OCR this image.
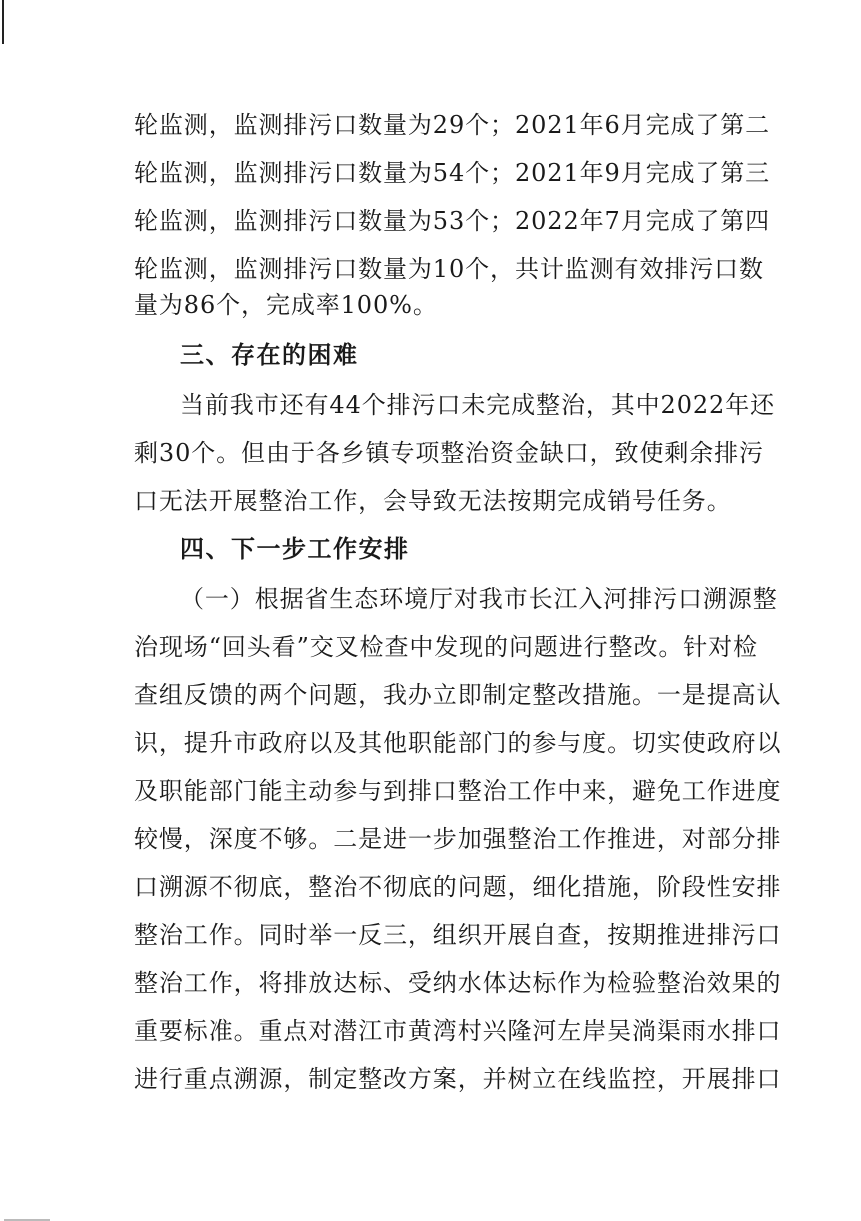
轮监测，监测排污口数量为29个；2021年6月完成了第二
轮监测，监测排污口数量为54个；2021年9月完成了第三
轮监测，监测排污口数量为53个；2022年7月完成了第四
轮监测，监测排污口数量为10个，共计监测有效排污口数
量为86个，完成率100%。
三、存在的困难
当前我市还有44个排污口未完成整治，其中2022年还
剩30个。但由于各乡镇专项整治资金缺口，致使剩余排污
口无法开展整治工作，会导致无法按期完成销号任务。
四、下一步工作安排
（一）根据省生态环境厅对我市长江入河排污口溯源整
治现场“回头看”交叉检查中发现的问题进行整改。针对检
查组反馈的两个问题，我办立即制定整改措施。一是提高认
识，提升市政府以及其他职能部门的参与度。切实使政府以
及职能部门能主动参与到排口整治工作中来，避免工作进度
较慢，深度不够。二是进一步加强整治工作推进，对部分排
口溯源不彻底，整治不彻底的问题，细化措施，阶段性安排
整治工作。同时举一反三，组织开展自查，按期推进排污口
整治工作，将排放达标、受纳水体达标作为检验整治效果的
重要标准。重点对潜江市黄湾村兴隆河左岸吴淌渠雨水排口
进行重点溯源，制定整改方案，并树立在线监控，开展排口
